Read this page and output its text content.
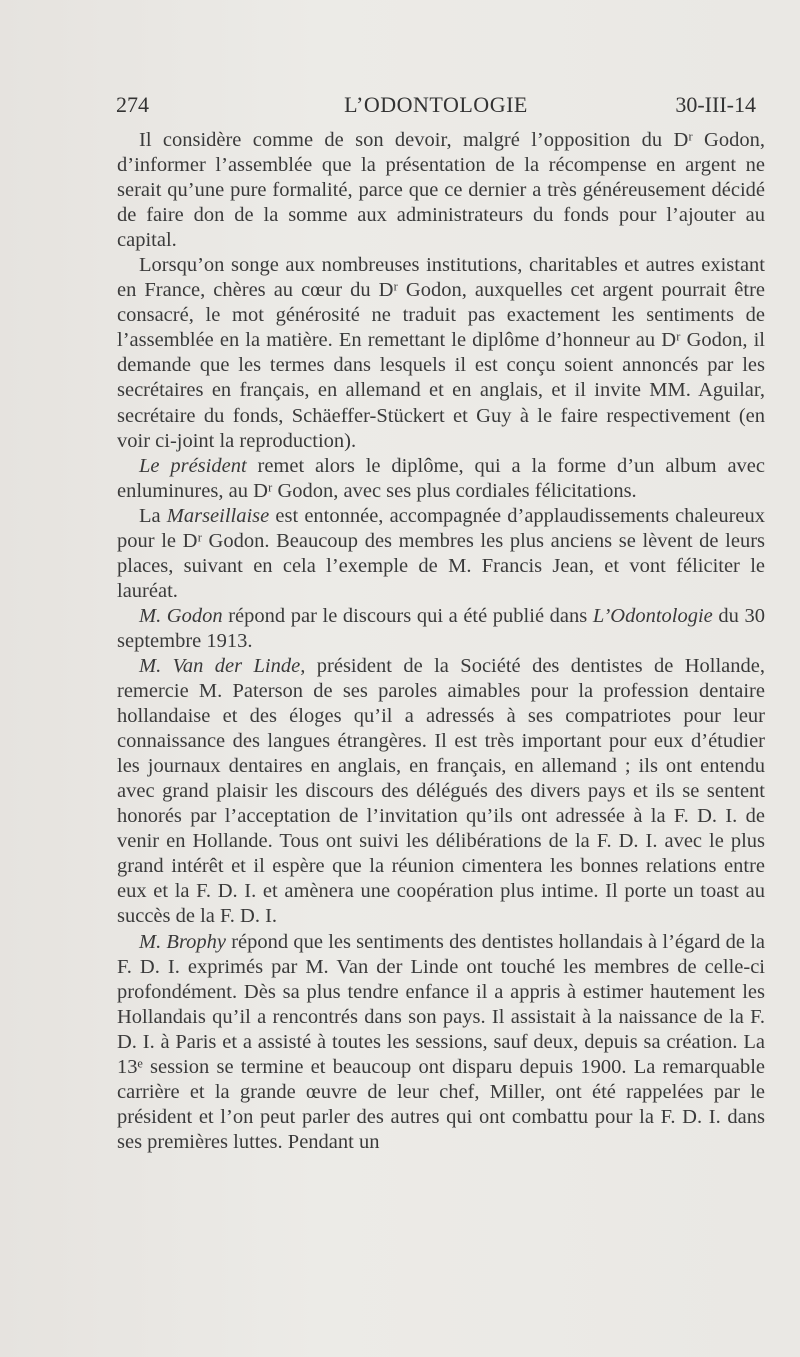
274	L’ODONTOLOGIE	30-III-14

Il considère comme de son devoir, malgré l’opposition du Dʳ Godon, d’informer l’assemblée que la présentation de la récompense en argent ne serait qu’une pure formalité, parce que ce dernier a très généreusement décidé de faire don de la somme aux administrateurs du fonds pour l’ajouter au capital.

Lorsqu’on songe aux nombreuses institutions, charitables et autres existant en France, chères au cœur du Dʳ Godon, auxquelles cet argent pourrait être consacré, le mot générosité ne traduit pas exactement les sentiments de l’assemblée en la matière. En remettant le diplôme d’honneur au Dʳ Godon, il demande que les termes dans lesquels il est conçu soient annoncés par les secrétaires en français, en allemand et en anglais, et il invite MM. Aguilar, secrétaire du fonds, Schäeffer-Stückert et Guy à le faire respectivement (en voir ci-joint la reproduction).

Le président remet alors le diplôme, qui a la forme d’un album avec enluminures, au Dʳ Godon, avec ses plus cordiales félicitations.

La Marseillaise est entonnée, accompagnée d’applaudissements chaleureux pour le Dʳ Godon. Beaucoup des membres les plus anciens se lèvent de leurs places, suivant en cela l’exemple de M. Francis Jean, et vont féliciter le lauréat.

M. Godon répond par le discours qui a été publié dans L’Odontologie du 30 septembre 1913.

M. Van der Linde, président de la Société des dentistes de Hollande, remercie M. Paterson de ses paroles aimables pour la profession dentaire hollandaise et des éloges qu’il a adressés à ses compatriotes pour leur connaissance des langues étrangères. Il est très important pour eux d’étudier les journaux dentaires en anglais, en français, en allemand ; ils ont entendu avec grand plaisir les discours des délégués des divers pays et ils se sentent honorés par l’acceptation de l’invitation qu’ils ont adressée à la F. D. I. de venir en Hollande. Tous ont suivi les délibérations de la F. D. I. avec le plus grand intérêt et il espère que la réunion cimentera les bonnes relations entre eux et la F. D. I. et amènera une coopération plus intime. Il porte un toast au succès de la F. D. I.

M. Brophy répond que les sentiments des dentistes hollandais à l’égard de la F. D. I. exprimés par M. Van der Linde ont touché les membres de celle-ci profondément. Dès sa plus tendre enfance il a appris à estimer hautement les Hollandais qu’il a rencontrés dans son pays. Il assistait à la naissance de la F. D. I. à Paris et a assisté à toutes les sessions, sauf deux, depuis sa création. La 13ᵉ session se termine et beaucoup ont disparu depuis 1900. La remarquable carrière et la grande œuvre de leur chef, Miller, ont été rappelées par le président et l’on peut parler des autres qui ont combattu pour la F. D. I. dans ses premières luttes. Pendant un
